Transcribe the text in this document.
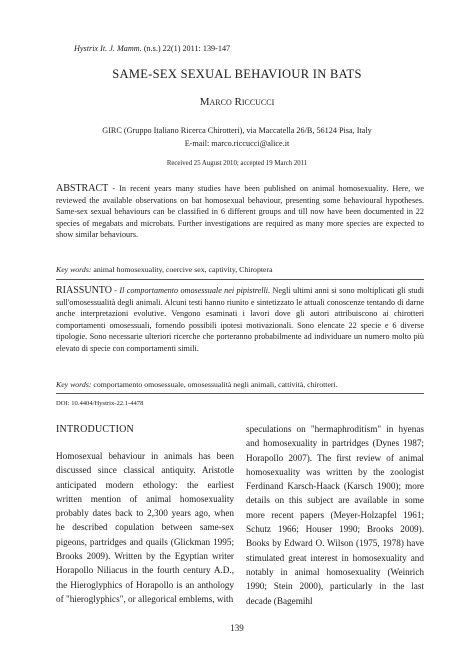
Hystrix It. J. Mamm. (n.s.) 22(1) 2011: 139-147
SAME-SEX SEXUAL BEHAVIOUR IN BATS
Marco Riccucci
GIRC (Gruppo Italiano Ricerca Chirotteri), via Maccatella 26/B, 56124 Pisa, Italy
E-mail: marco.riccucci@alice.it
Received 25 August 2010; accepted 19 March 2011

ABSTRACT - In recent years many studies have been published on animal homosexuality. Here, we reviewed the available observations on bat homosexual behaviour, presenting some behavioural hypotheses. Same-sex sexual behaviours can be classified in 6 different groups and till now have been documented in 22 species of megabats and microbats. Further investigations are required as many more species are expected to show similar behaviours.

Key words: animal homosexuality, coercive sex, captivity, Chiroptera

RIASSUNTO - Il comportamento omosessuale nei pipistrelli. Negli ultimi anni si sono moltiplicati gli studi sull'omosessualità degli animali. Alcuni testi hanno riunito e sintetizzato le attuali conoscenze tentando di darne anche interpretazioni evolutive. Vengono esaminati i lavori dove gli autori attribuiscono ai chirotteri comportamenti omosessuali, fornendo possibili ipotesi motivazionali. Sono elencate 22 specie e 6 diverse tipologie. Sono necessarie ulteriori ricerche che porteranno probabilmente ad individuare un numero molto più elevato di specie con comportamenti simili.

Key words: comportamento omosessuale, omosessualità negli animali, cattività, chirotteri.
DOI: 10.4404/Hystrix-22.1-4478
INTRODUCTION

Homosexual behaviour in animals has been discussed since classical antiquity. Aristotle anticipated modern ethology: the earliest written mention of animal homosexuality probably dates back to 2,300 years ago, when he described copulation between same-sex pigeons, partridges and quails (Glickman 1995; Brooks 2009). Written by the Egyptian writer Horapollo Niliacus in the fourth century A.D., the Hieroglyphics of Horapollo is an anthology of "hieroglyphics", or allegorical emblems, with

speculations on "hermaphroditism" in hyenas and homosexuality in partridges (Dynes 1987; Horapollo 2007). The first review of animal homosexuality was written by the zoologist Ferdinand Karsch-Haack (Karsch 1900); more details on this subject are available in some more recent papers (Meyer-Holzapfel 1961; Schutz 1966; Houser 1990; Brooks 2009). Books by Edward O. Wilson (1975, 1978) have stimulated great interest in homosexuality and notably in animal homosexuality (Weinrich 1990; Stein 2000), particularly in the last decade (Bagemihl

139
